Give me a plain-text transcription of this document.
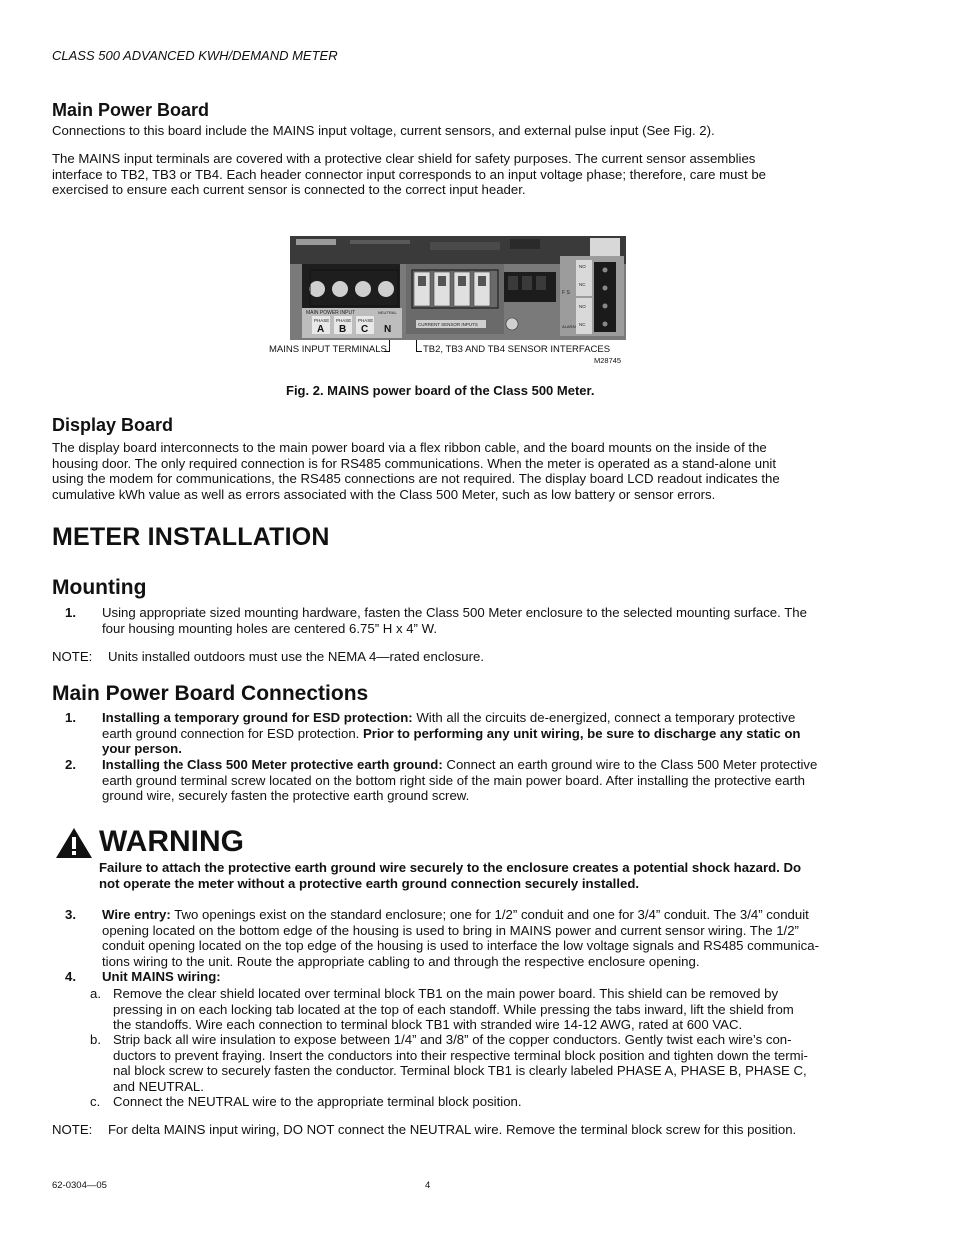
CLASS 500 ADVANCED KWH/DEMAND METER
Main Power Board
Connections to this board include the MAINS input voltage, current sensors, and external pulse input (See Fig. 2).
The MAINS input terminals are covered with a protective clear shield for safety purposes. The current sensor assemblies
interface to TB2, TB3 or TB4. Each header connector input corresponds to an input voltage phase; therefore, care must be
exercised to ensure each current sensor is connected to the correct input header.
MAIN POWER INPUT	NEUTRAL
PHASE PHASE PHASE
A B C N	CURRENT SENSOR INPUTS
NO
NC
NO
NC
F S
ALARM
MAINS INPUT TERMINALS	TB2, TB3 AND TB4 SENSOR INTERFACES
M28745
Fig. 2. MAINS power board of the Class 500 Meter.
Display Board
The display board interconnects to the main power board via a flex ribbon cable, and the board mounts on the inside of the
housing door. The only required connection is for RS485 communications. When the meter is operated as a stand-alone unit
using the modem for communications, the RS485 connections are not required. The display board LCD readout indicates the
cumulative kWh value as well as errors associated with the Class 500 Meter, such as low battery or sensor errors.
METER INSTALLATION
Mounting
1. Using appropriate sized mounting hardware, fasten the Class 500 Meter enclosure to the selected mounting surface. The
four housing mounting holes are centered 6.75” H x 4” W.
NOTE: Units installed outdoors must use the NEMA 4—rated enclosure.
Main Power Board Connections
1. Installing a temporary ground for ESD protection: With all the circuits de-energized, connect a temporary protective
earth ground connection for ESD protection. Prior to performing any unit wiring, be sure to discharge any static on
your person.
2. Installing the Class 500 Meter protective earth ground: Connect an earth ground wire to the Class 500 Meter protective
earth ground terminal screw located on the bottom right side of the main power board. After installing the protective earth
ground wire, securely fasten the protective earth ground screw.
WARNING
Failure to attach the protective earth ground wire securely to the enclosure creates a potential shock hazard. Do
not operate the meter without a protective earth ground connection securely installed.
3. Wire entry: Two openings exist on the standard enclosure; one for 1/2” conduit and one for 3/4” conduit. The 3/4” conduit
opening located on the bottom edge of the housing is used to bring in MAINS power and current sensor wiring. The 1/2”
conduit opening located on the top edge of the housing is used to interface the low voltage signals and RS485 communica-
tions wiring to the unit. Route the appropriate cabling to and through the respective enclosure opening.
4. Unit MAINS wiring:
a. Remove the clear shield located over terminal block TB1 on the main power board. This shield can be removed by
pressing in on each locking tab located at the top of each standoff. While pressing the tabs inward, lift the shield from
the standoffs. Wire each connection to terminal block TB1 with stranded wire 14-12 AWG, rated at 600 VAC.
b. Strip back all wire insulation to expose between 1/4” and 3/8” of the copper conductors. Gently twist each wire’s con-
ductors to prevent fraying. Insert the conductors into their respective terminal block position and tighten down the termi-
nal block screw to securely fasten the conductor. Terminal block TB1 is clearly labeled PHASE A, PHASE B, PHASE C,
and NEUTRAL.
c. Connect the NEUTRAL wire to the appropriate terminal block position.
NOTE: For delta MAINS input wiring, DO NOT connect the NEUTRAL wire. Remove the terminal block screw for this position.
62-0304—05	4
